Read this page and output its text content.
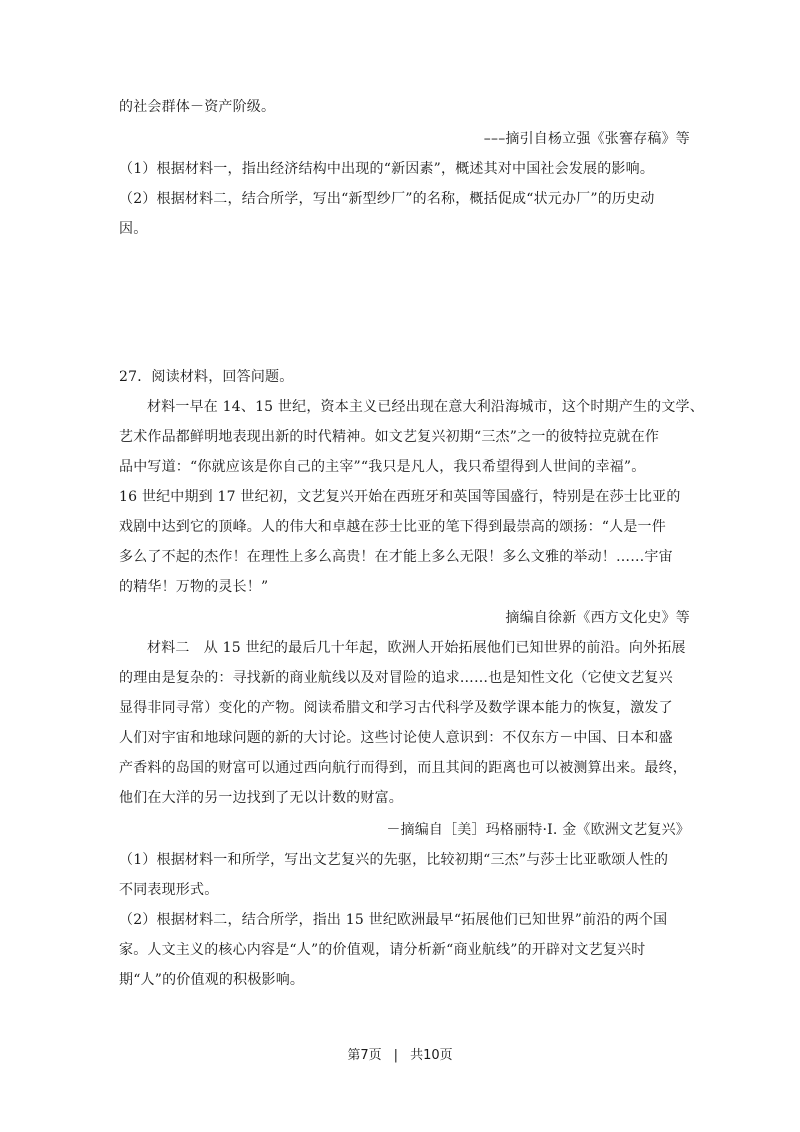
的社会群体－资产阶级。
–––摘引自杨立强《张謇存稿》等
（1）根据材料一，指出经济结构中出现的“新因素”，概述其对中国社会发展的影响。
（2）根据材料二，结合所学，写出“新型纱厂”的名称，概括促成“状元办厂”的历史动
因。
27．阅读材料，回答问题。
材料一早在 14、15 世纪，资本主义已经出现在意大利沿海城市，这个时期产生的文学、
艺术作品都鲜明地表现出新的时代精神。如文艺复兴初期“三杰”之一的彼特拉克就在作
品中写道：“你就应该是你自己的主宰”“我只是凡人，我只希望得到人世间的幸福”。
16 世纪中期到 17 世纪初，文艺复兴开始在西班牙和英国等国盛行，特别是在莎士比亚的
戏剧中达到它的顶峰。人的伟大和卓越在莎士比亚的笔下得到最崇高的颂扬：“人是一件
多么了不起的杰作！在理性上多么高贵！在才能上多么无限！多么文雅的举动！……宇宙
的精华！万物的灵长！”
摘编自徐新《西方文化史》等
材料二　从 15 世纪的最后几十年起，欧洲人开始拓展他们已知世界的前沿。向外拓展
的理由是复杂的：寻找新的商业航线以及对冒险的追求……也是知性文化（它使文艺复兴
显得非同寻常）变化的产物。阅读希腊文和学习古代科学及数学课本能力的恢复，激发了
人们对宇宙和地球问题的新的大讨论。这些讨论使人意识到：不仅东方－中国、日本和盛
产香料的岛国的财富可以通过西向航行而得到，而且其间的距离也可以被测算出来。最终，
他们在大洋的另一边找到了无以计数的财富。
－摘编自［美］玛格丽特·I. 金《欧洲文艺复兴》
（1）根据材料一和所学，写出文艺复兴的先驱，比较初期“三杰”与莎士比亚歌颂人性的
不同表现形式。
（2）根据材料二，结合所学，指出 15 世纪欧洲最早“拓展他们已知世界”前沿的两个国
家。人文主义的核心内容是“人”的价值观，请分析新“商业航线”的开辟对文艺复兴时
期“人”的价值观的积极影响。
第7页 | 共10页
